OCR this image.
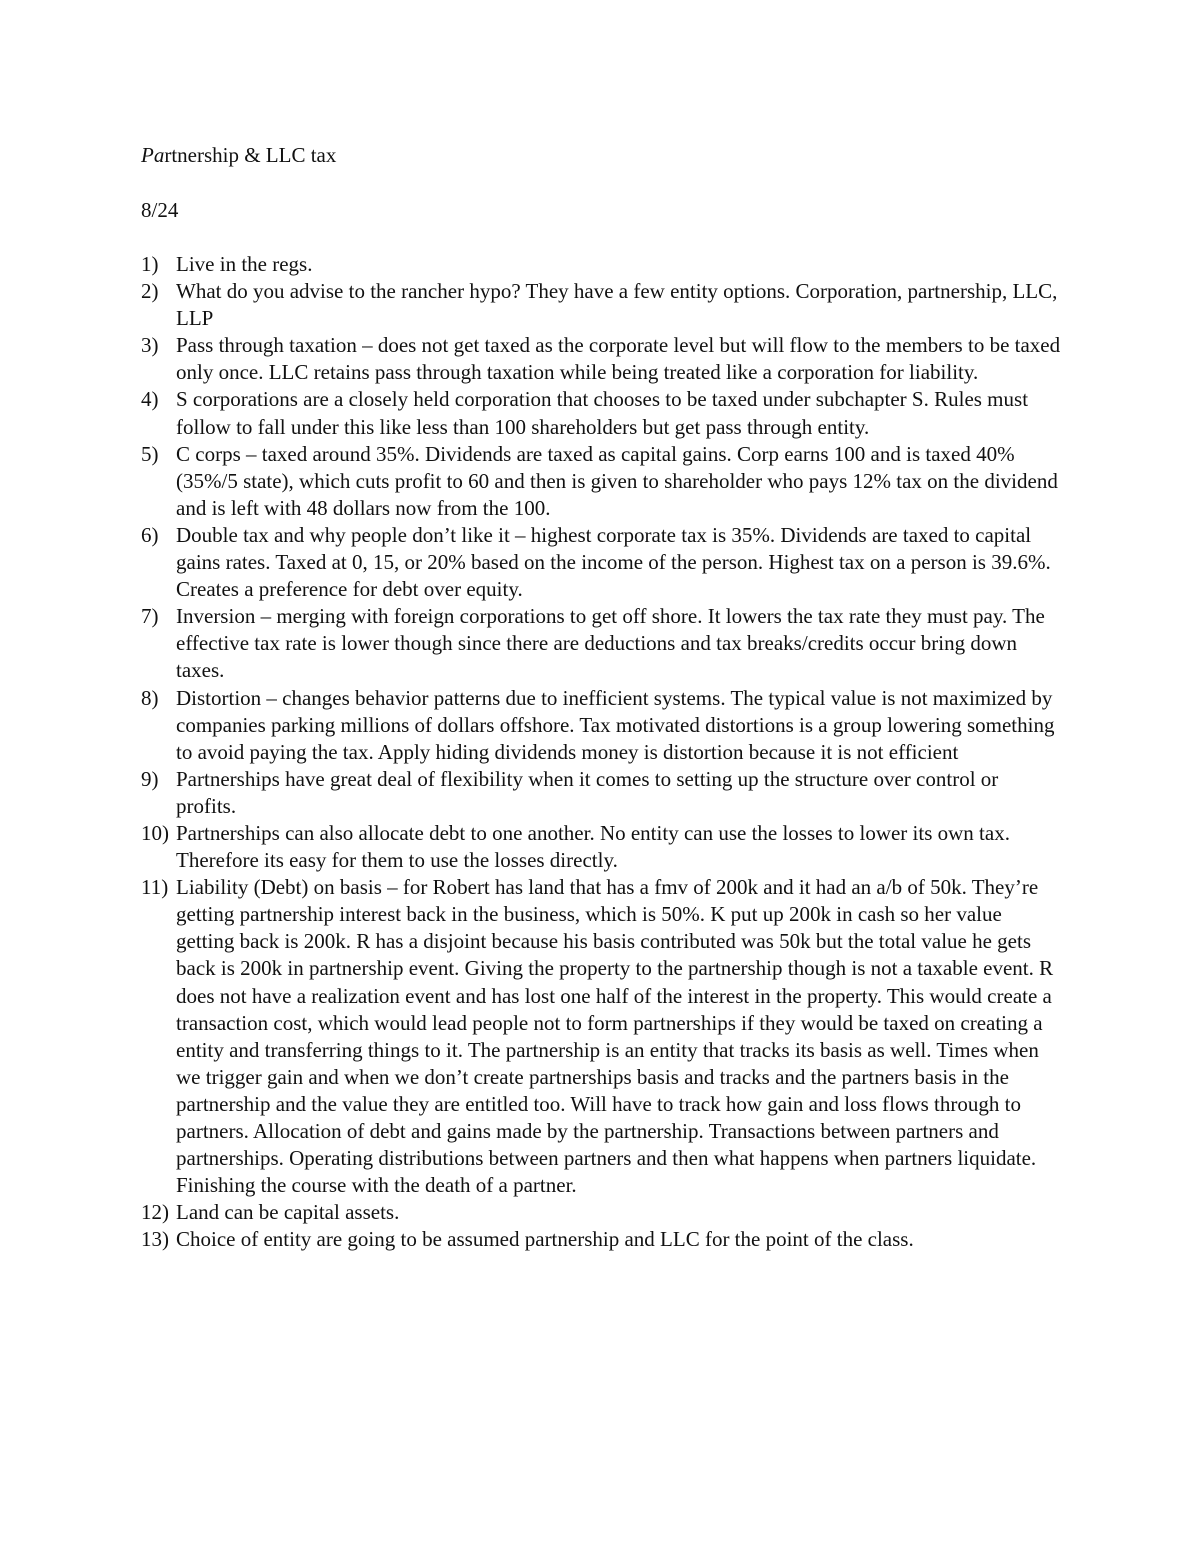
Partnership & LLC tax
8/24
1) Live in the regs.
2) What do you advise to the rancher hypo? They have a few entity options. Corporation, partnership, LLC, LLP
3) Pass through taxation – does not get taxed as the corporate level but will flow to the members to be taxed only once. LLC retains pass through taxation while being treated like a corporation for liability.
4) S corporations are a closely held corporation that chooses to be taxed under subchapter S. Rules must follow to fall under this like less than 100 shareholders but get pass through entity.
5) C corps – taxed around 35%. Dividends are taxed as capital gains. Corp earns 100 and is taxed 40% (35%/5 state), which cuts profit to 60 and then is given to shareholder who pays 12% tax on the dividend and is left with 48 dollars now from the 100.
6) Double tax and why people don’t like it – highest corporate tax is 35%. Dividends are taxed to capital gains rates. Taxed at 0, 15, or 20% based on the income of the person. Highest tax on a person is 39.6%. Creates a preference for debt over equity.
7) Inversion – merging with foreign corporations to get off shore. It lowers the tax rate they must pay. The effective tax rate is lower though since there are deductions and tax breaks/credits occur bring down taxes.
8) Distortion – changes behavior patterns due to inefficient systems. The typical value is not maximized by companies parking millions of dollars offshore. Tax motivated distortions is a group lowering something to avoid paying the tax. Apply hiding dividends money is distortion because it is not efficient
9) Partnerships have great deal of flexibility when it comes to setting up the structure over control or profits.
10) Partnerships can also allocate debt to one another. No entity can use the losses to lower its own tax. Therefore its easy for them to use the losses directly.
11) Liability (Debt) on basis – for Robert has land that has a fmv of 200k and it had an a/b of 50k. They’re getting partnership interest back in the business, which is 50%. K put up 200k in cash so her value getting back is 200k. R has a disjoint because his basis contributed was 50k but the total value he gets back is 200k in partnership event. Giving the property to the partnership though is not a taxable event. R does not have a realization event and has lost one half of the interest in the property. This would create a transaction cost, which would lead people not to form partnerships if they would be taxed on creating a entity and transferring things to it. The partnership is an entity that tracks its basis as well. Times when we trigger gain and when we don’t create partnerships basis and tracks and the partners basis in the partnership and the value they are entitled too. Will have to track how gain and loss flows through to partners. Allocation of debt and gains made by the partnership. Transactions between partners and partnerships. Operating distributions between partners and then what happens when partners liquidate. Finishing the course with the death of a partner.
12) Land can be capital assets.
13) Choice of entity are going to be assumed partnership and LLC for the point of the class.
